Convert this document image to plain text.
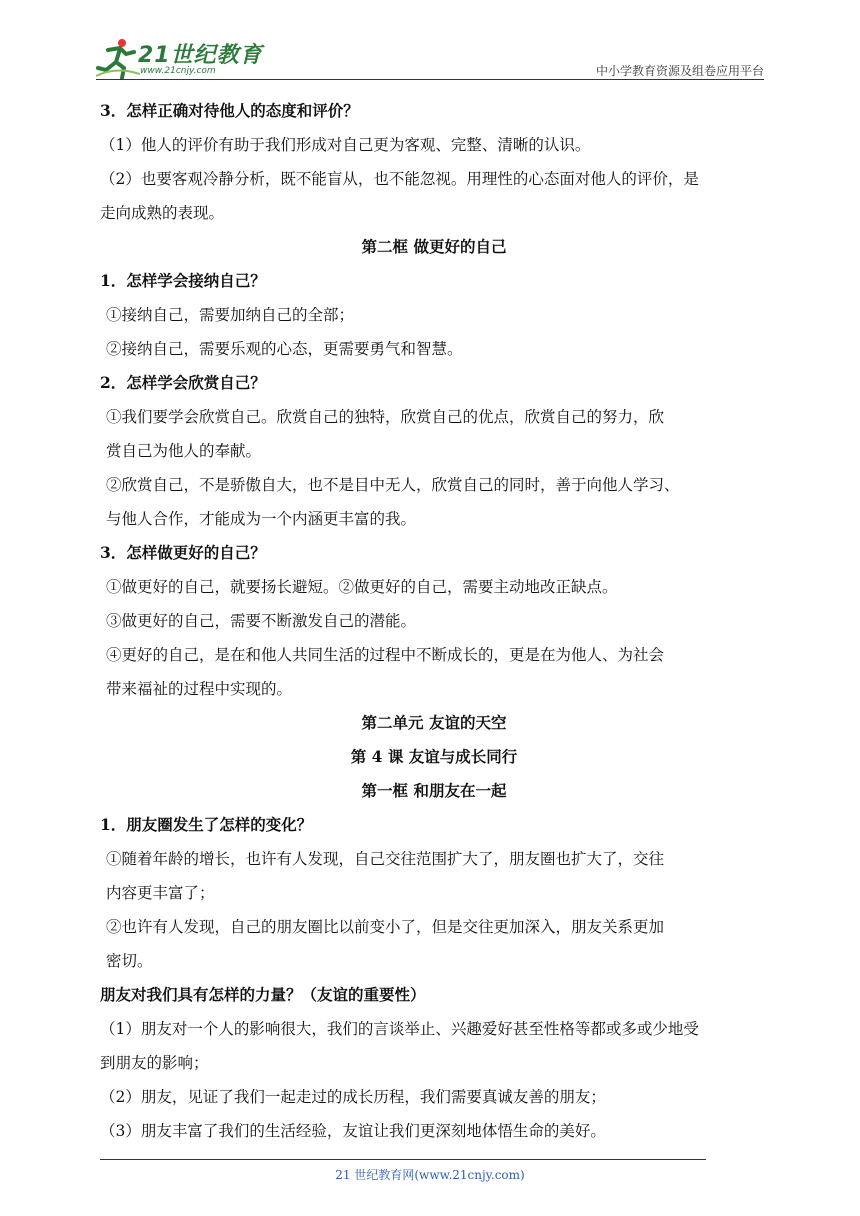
21世纪教育
www.21cnjy.com	中小学教育资源及组卷应用平台
3．怎样正确对待他人的态度和评价？
（1）他人的评价有助于我们形成对自己更为客观、完整、清晰的认识。
（2）也要客观冷静分析，既不能盲从，也不能忽视。用理性的心态面对他人的评价，是
走向成熟的表现。
第二框 做更好的自己
1．怎样学会接纳自己？
①接纳自己，需要加纳自己的全部；
②接纳自己，需要乐观的心态，更需要勇气和智慧。
2．怎样学会欣赏自己？
①我们要学会欣赏自己。欣赏自己的独特，欣赏自己的优点，欣赏自己的努力，欣
赏自己为他人的奉献。
②欣赏自己，不是骄傲自大，也不是目中无人，欣赏自己的同时，善于向他人学习、
与他人合作，才能成为一个内涵更丰富的我。
3．怎样做更好的自己？
①做更好的自己，就要扬长避短。②做更好的自己，需要主动地改正缺点。
③做更好的自己，需要不断激发自己的潜能。
④更好的自己，是在和他人共同生活的过程中不断成长的，更是在为他人、为社会
带来福祉的过程中实现的。
第二单元 友谊的天空
第 4 课 友谊与成长同行
第一框 和朋友在一起
1．朋友圈发生了怎样的变化？
①随着年龄的增长，也许有人发现，自己交往范围扩大了，朋友圈也扩大了，交往
内容更丰富了；
②也许有人发现，自己的朋友圈比以前变小了，但是交往更加深入，朋友关系更加
密切。
朋友对我们具有怎样的力量？（友谊的重要性）
（1）朋友对一个人的影响很大，我们的言谈举止、兴趣爱好甚至性格等都或多或少地受
到朋友的影响；
（2）朋友，见证了我们一起走过的成长历程，我们需要真诚友善的朋友；
（3）朋友丰富了我们的生活经验，友谊让我们更深刻地体悟生命的美好。
21 世纪教育网(www.21cnjy.com)
